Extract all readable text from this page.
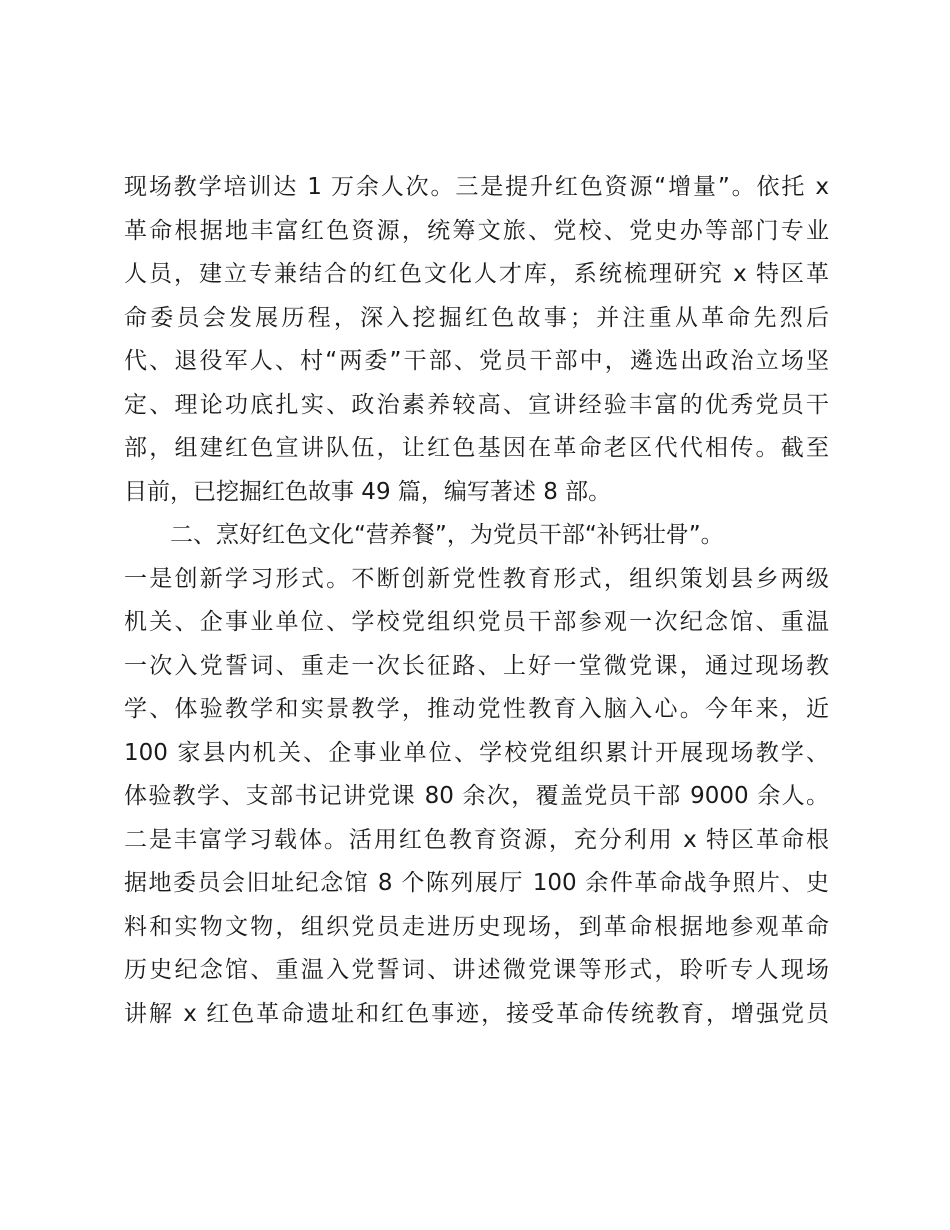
现场教学培训达 1 万余人次。三是提升红色资源“增量”。依托 x
革命根据地丰富红色资源，统筹文旅、党校、党史办等部门专业
人员，建立专兼结合的红色文化人才库，系统梳理研究 x 特区革
命委员会发展历程，深入挖掘红色故事；并注重从革命先烈后
代、退役军人、村“两委”干部、党员干部中，遴选出政治立场坚
定、理论功底扎实、政治素养较高、宣讲经验丰富的优秀党员干
部，组建红色宣讲队伍，让红色基因在革命老区代代相传。截至
目前，已挖掘红色故事 49 篇，编写著述 8 部。
二、烹好红色文化“营养餐”，为党员干部“补钙壮骨”。
一是创新学习形式。不断创新党性教育形式，组织策划县乡两级
机关、企事业单位、学校党组织党员干部参观一次纪念馆、重温
一次入党誓词、重走一次长征路、上好一堂微党课，通过现场教
学、体验教学和实景教学，推动党性教育入脑入心。今年来，近
100 家县内机关、企事业单位、学校党组织累计开展现场教学、
体验教学、支部书记讲党课 80 余次，覆盖党员干部 9000 余人。
二是丰富学习载体。活用红色教育资源，充分利用 x 特区革命根
据地委员会旧址纪念馆 8 个陈列展厅 100 余件革命战争照片、史
料和实物文物，组织党员走进历史现场，到革命根据地参观革命
历史纪念馆、重温入党誓词、讲述微党课等形式，聆听专人现场
讲解 x 红色革命遗址和红色事迹，接受革命传统教育，增强党员
